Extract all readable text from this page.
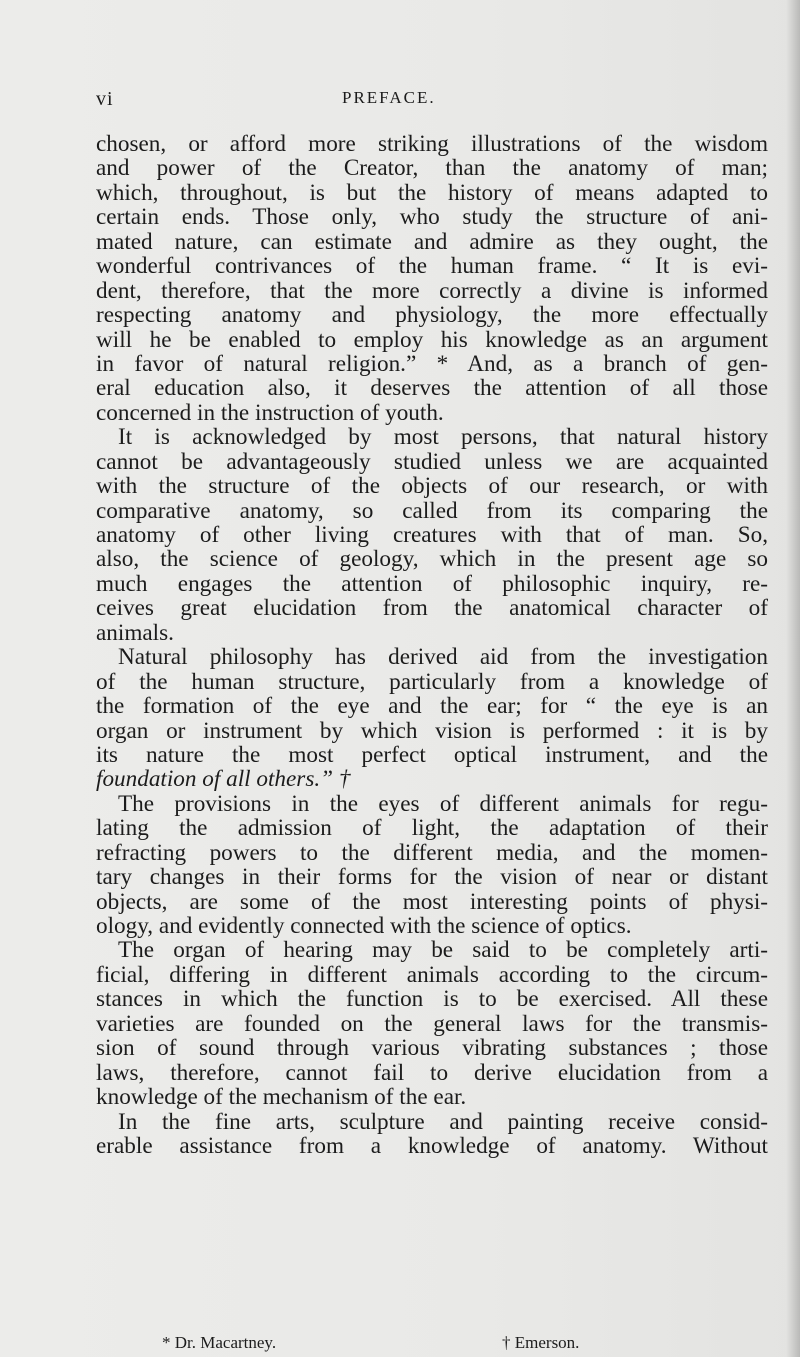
vi	PREFACE.
chosen, or afford more striking illustrations of the wisdom
and power of the Creator, than the anatomy of man;
which, throughout, is but the history of means adapted to
certain ends. Those only, who study the structure of ani-
mated nature, can estimate and admire as they ought, the
wonderful contrivances of the human frame. “ It is evi-
dent, therefore, that the more correctly a divine is informed
respecting anatomy and physiology, the more effectually
will he be enabled to employ his knowledge as an argument
in favor of natural religion.” * And, as a branch of gen-
eral education also, it deserves the attention of all those
concerned in the instruction of youth.
It is acknowledged by most persons, that natural history
cannot be advantageously studied unless we are acquainted
with the structure of the objects of our research, or with
comparative anatomy, so called from its comparing the
anatomy of other living creatures with that of man. So,
also, the science of geology, which in the present age so
much engages the attention of philosophic inquiry, re-
ceives great elucidation from the anatomical character of
animals.
Natural philosophy has derived aid from the investigation
of the human structure, particularly from a knowledge of
the formation of the eye and the ear; for “ the eye is an
organ or instrument by which vision is performed : it is by
its nature the most perfect optical instrument, and the
foundation of all others.” †
The provisions in the eyes of different animals for regu-
lating the admission of light, the adaptation of their
refracting powers to the different media, and the momen-
tary changes in their forms for the vision of near or distant
objects, are some of the most interesting points of physi-
ology, and evidently connected with the science of optics.
The organ of hearing may be said to be completely arti-
ficial, differing in different animals according to the circum-
stances in which the function is to be exercised. All these
varieties are founded on the general laws for the transmis-
sion of sound through various vibrating substances ; those
laws, therefore, cannot fail to derive elucidation from a
knowledge of the mechanism of the ear.
In the fine arts, sculpture and painting receive consid-
erable assistance from a knowledge of anatomy. Without
* Dr. Macartney.	† Emerson.
